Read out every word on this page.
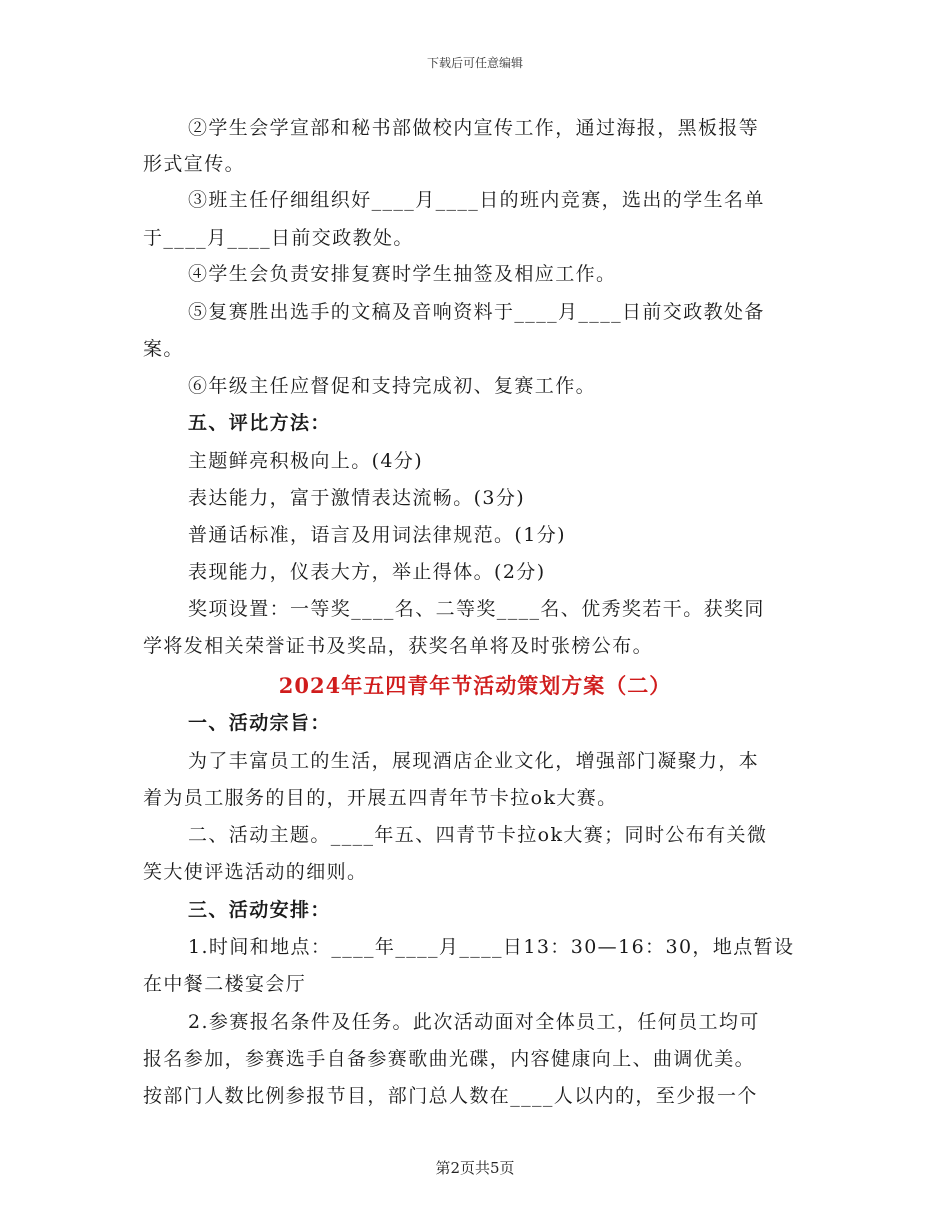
下载后可任意编辑
②学生会学宣部和秘书部做校内宣传工作，通过海报，黑板报等
形式宣传。
③班主任仔细组织好____月____日的班内竞赛，选出的学生名单
于____月____日前交政教处。
④学生会负责安排复赛时学生抽签及相应工作。
⑤复赛胜出选手的文稿及音响资料于____月____日前交政教处备
案。
⑥年级主任应督促和支持完成初、复赛工作。
五、评比方法：
主题鲜亮积极向上。(4分)
表达能力，富于激情表达流畅。(3分)
普通话标准，语言及用词法律规范。(1分)
表现能力，仪表大方，举止得体。(2分)
奖项设置：一等奖____名、二等奖____名、优秀奖若干。获奖同
学将发相关荣誉证书及奖品，获奖名单将及时张榜公布。
2024年五四青年节活动策划方案（二）
一、活动宗旨：
为了丰富员工的生活，展现酒店企业文化，增强部门凝聚力，本
着为员工服务的目的，开展五四青年节卡拉ok大赛。
二、活动主题。____年五、四青节卡拉ok大赛；同时公布有关微
笑大使评选活动的细则。
三、活动安排：
1.时间和地点：____年____月____日13：30—16：30，地点暂设
在中餐二楼宴会厅
2.参赛报名条件及任务。此次活动面对全体员工，任何员工均可
报名参加，参赛选手自备参赛歌曲光碟，内容健康向上、曲调优美。
按部门人数比例参报节目，部门总人数在____人以内的，至少报一个
第2页共5页
